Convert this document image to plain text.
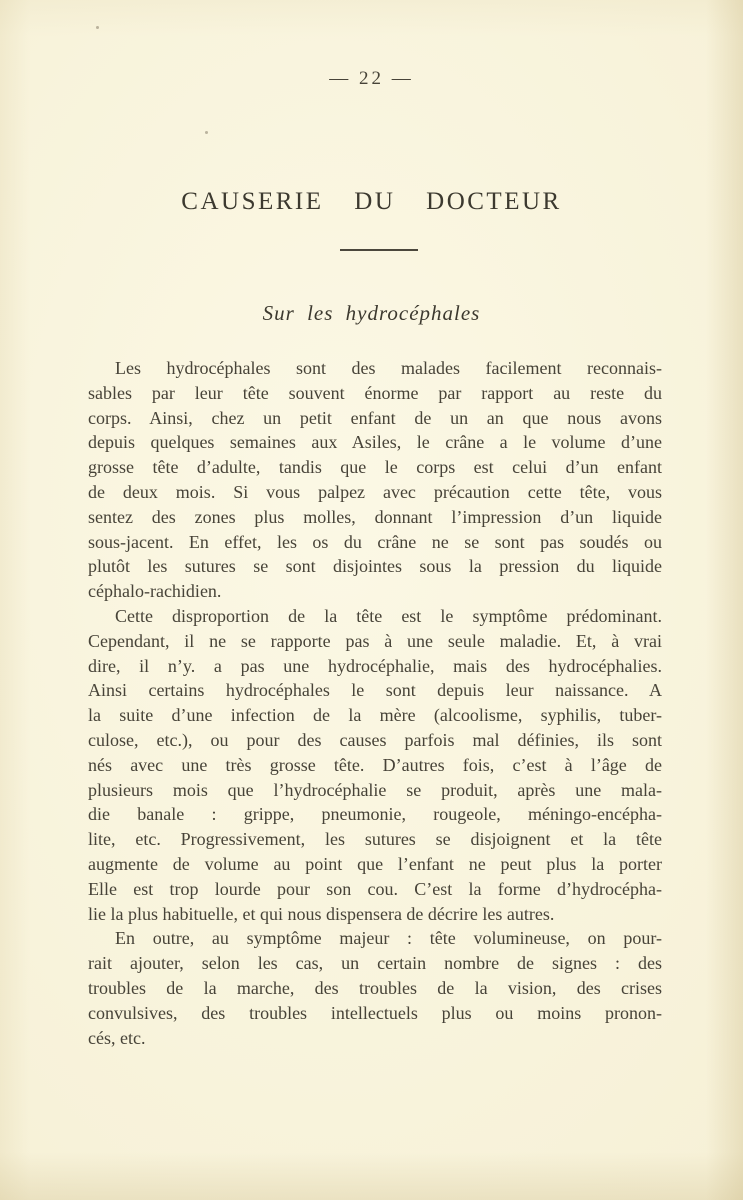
— 22 —
CAUSERIE DU DOCTEUR
Sur les hydrocéphales

Les hydrocéphales sont des malades facilement reconnais-
sables par leur tête souvent énorme par rapport au reste du
corps. Ainsi, chez un petit enfant de un an que nous avons
depuis quelques semaines aux Asiles, le crâne a le volume d’une
grosse tête d’adulte, tandis que le corps est celui d’un enfant
de deux mois. Si vous palpez avec précaution cette tête, vous
sentez des zones plus molles, donnant l’impression d’un liquide
sous-jacent. En effet, les os du crâne ne se sont pas soudés ou
plutôt les sutures se sont disjointes sous la pression du liquide
céphalo-rachidien.

Cette disproportion de la tête est le symptôme prédominant.
Cependant, il ne se rapporte pas à une seule maladie. Et, à vrai
dire, il n’y. a pas une hydrocéphalie, mais des hydrocéphalies.
Ainsi certains hydrocéphales le sont depuis leur naissance. A
la suite d’une infection de la mère (alcoolisme, syphilis, tuber-
culose, etc.), ou pour des causes parfois mal définies, ils sont
nés avec une très grosse tête. D’autres fois, c’est à l’âge de
plusieurs mois que l’hydrocéphalie se produit, après une mala-
die banale : grippe, pneumonie, rougeole, méningo-encépha-
lite, etc. Progressivement, les sutures se disjoignent et la tête
augmente de volume au point que l’enfant ne peut plus la porter
Elle est trop lourde pour son cou. C’est la forme d’hydrocépha-
lie la plus habituelle, et qui nous dispensera de décrire les autres.

En outre, au symptôme majeur : tête volumineuse, on pour-
rait ajouter, selon les cas, un certain nombre de signes : des
troubles de la marche, des troubles de la vision, des crises
convulsives, des troubles intellectuels plus ou moins pronon-
cés, etc.
